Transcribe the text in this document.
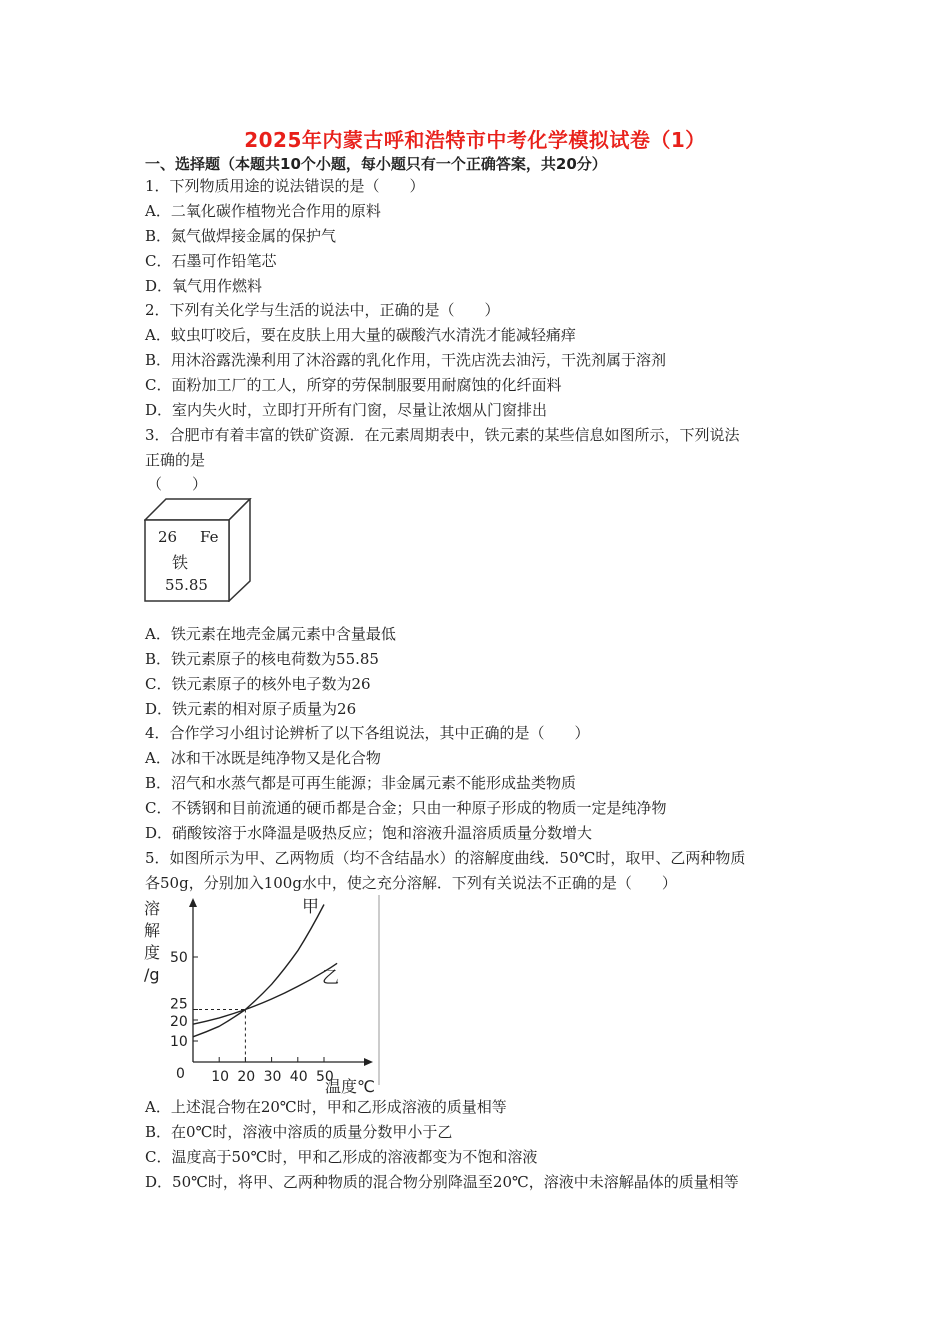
2025年内蒙古呼和浩特市中考化学模拟试卷（1）
一、选择题（本题共10个小题，每小题只有一个正确答案，共20分）
1．下列物质用途的说法错误的是（　　）
A．二氧化碳作植物光合作用的原料
B．氮气做焊接金属的保护气
C．石墨可作铅笔芯
D．氧气用作燃料
2．下列有关化学与生活的说法中，正确的是（　　）
A．蚊虫叮咬后，要在皮肤上用大量的碳酸汽水清洗才能减轻痛痒
B．用沐浴露洗澡利用了沐浴露的乳化作用，干洗店洗去油污，干洗剂属于溶剂
C．面粉加工厂的工人，所穿的劳保制服要用耐腐蚀的化纤面料
D．室内失火时，立即打开所有门窗，尽量让浓烟从门窗排出
3．合肥市有着丰富的铁矿资源．在元素周期表中，铁元素的某些信息如图所示，下列说法
正确的是
（　　）
26 Fe
铁
55.85
A．铁元素在地壳金属元素中含量最低
B．铁元素原子的核电荷数为55.85
C．铁元素原子的核外电子数为26
D．铁元素的相对原子质量为26
4．合作学习小组讨论辨析了以下各组说法，其中正确的是（　　）
A．冰和干冰既是纯净物又是化合物
B．沼气和水蒸气都是可再生能源；非金属元素不能形成盐类物质
C．不锈钢和目前流通的硬币都是合金；只由一种原子形成的物质一定是纯净物
D．硝酸铵溶于水降温是吸热反应；饱和溶液升温溶质质量分数增大
5．如图所示为甲、乙两物质（均不含结晶水）的溶解度曲线．50℃时，取甲、乙两种物质
各50g，分别加入100g水中，使之充分溶解．下列有关说法不正确的是（　　）
0 10 20 30 40 50
10
20
25
50
溶
解
度
/g
温度℃
甲
乙
A．上述混合物在20℃时，甲和乙形成溶液的质量相等
B．在0℃时，溶液中溶质的质量分数甲小于乙
C．温度高于50℃时，甲和乙形成的溶液都变为不饱和溶液
D．50℃时，将甲、乙两种物质的混合物分别降温至20℃，溶液中未溶解晶体的质量相等
